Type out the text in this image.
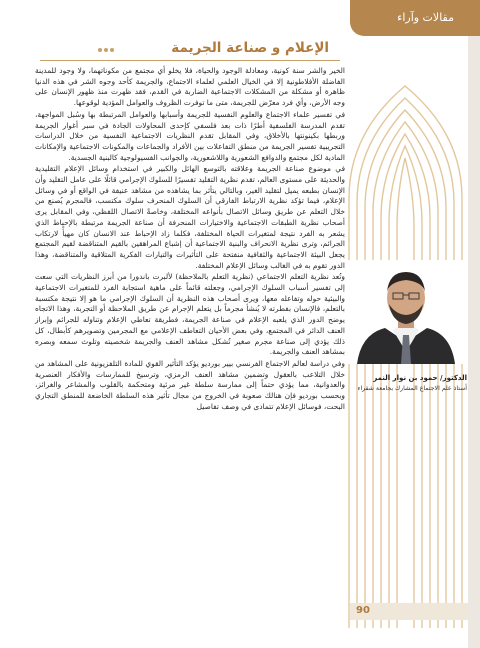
مقالات وآراء
الإعلام و صناعة الجريمة

الخير والشر سنة كونية، ومعادلة الوجود والحياة، فلا يخلو أي مجتمع من مكوناتهما، ولا وجود للمدينة الفاضلة الأفلاطونية إلا في الخيال العلمي لعلماء الاجتماع، والجريمة كأحد وجوه الشر في هذه الدنيا ظاهرة أو مشكلة من المشكلات الاجتماعية الضاربة في القدم، فقد ظهرت منذ ظهور الإنسان على وجه الأرض، وأي فرد معرّض للجريمة، متى ما توفرت الظروف والعوامل المؤدية لوقوعها.

في تفسير علماء الاجتماع والعلوم النفسية للجريمة وأسبابها والعوامل المرتبطة بها وسُبل المواجهة، تقدم المدرسة الفلسفية أطرًا ذات بعد فلسفي كإحدى المحاولات الجادة في سبر أغوار الجريمة وربطها بكينونتها بالأخلاق، وفي المقابل تقدم النظريات الاجتماعية النفسية من خلال الدراسات التجريبية تفسير الجريمة من منطق التفاعلات بين الأفراد والجماعات والمكونات الاجتماعية والإمكانات المادية لكل مجتمع والدوافع الشعورية واللاشعورية، والجوانب الفسيولوجية كالبنية الجسدية.

في موضوع صناعة الجريمة وعلاقته بالتوسع الهائل والكبير في استخدام وسائل الإعلام التقليدية والحديثة على مستوى العالم، تقدم نظرية التقليد تفسيرًا للسلوك الإجرامي قائلًا على عامل التقليد وأن الإنسان بطبعه يميل لتقليد الغير، وبالتالي يتأثر بما يشاهده من مشاهد عنيفة في الواقع أو في وسائل الإعلام، فيما تؤكد نظرية الارتباط الفارقي أن السلوك المنحرف سلوك مكتسب، فالمجرم يُصنع من خلال التعلم عن طريق وسائل الاتصال بأنواعه المختلفة، وخاصةً الاتصال اللفظي، وفي المقابل يرى أصحاب نظرية الطبقات الاجتماعية والاختيارات المنحرفة أن صناعة الجريمة مرتبطة بالإحباط الذي يشعر به الفرد نتيجة لمتغيرات الحياة المختلفة، فكلما زاد الإحباط عند الانسان كان مهيأً لارتكاب الجرائم، وترى نظرية الانحراف والبنية الاجتماعية أن إشباع المراهقين بالقيم المتناقضة لقيم المجتمع يجعل البيئة الاجتماعية والثقافية منفتحة على التأثيرات والتيارات الفكرية المتلاقية والمتناقضة، وهذا الدور تقوم به في الغالب وسائل الإعلام المختلفة.

وتُعد نظرية التعلم الاجتماعي (نظرية التعلم بالملاحظة) لألبرت باندورا من أبرز النظريات التي سعت إلى تفسير أسباب السلوك الإجرامي، وجعلته قائماً على ماهية استجابة الفرد للمتغيرات الاجتماعية والبيئية حوله وتفاعله معها، ويرى أصحاب هذه النظرية أن السلوك الإجرامي ما هو إلا نتيجة مكتسبة بالتعلم، فالإنسان بفطرته لا يُنشأ مجرماً بل يتعلم الإجرام عن طريق الملاحظة أو التجربة، وهذا الاتجاه يوضح الدور الذي يلعبه الإعلام في صناعة الجريمة، فطريقة تعاطي الإعلام وتناوله للجرائم وإبراز العنف الدائر في المجتمع، وفي بعض الأحيان التعاطف الإعلامي مع المجرمين وتصويرهم كأبطال، كل ذلك يؤدي إلى صناعة مجرم صغير تُشكل مشاهد العنف والجريمة شخصيته وتلوث سمعه وبصره بمشاهد العنف والجريمة.

وفي دراسة لعالم الاجتماع الفرنسي بيير بورديو يؤكد التأثير القوي للمادة التلفزيونية على المشاهد من خلال التلاعب بالعقول وتضمين مشاهد العنف الرمزي، وترسيخ للممارسات والأفكار العنصرية والعدوانية، مما يؤدي حتماً إلى ممارسة سلطة غير مرئية ومتحكمة بالقلوب والمشاعر والغرائز، وبحسب بورديو فإن هنالك صعوبة في الخروج من مجال تأثير هذه السلطة الخاضعة للمنطق التجاري البحت، فوسائل الإعلام تتمادى في وصف تفاصيل

الدكتور/ حمود بن نوار النمر
أستاذ علم الاجتماع المشارك بجامعة شقراء
90
